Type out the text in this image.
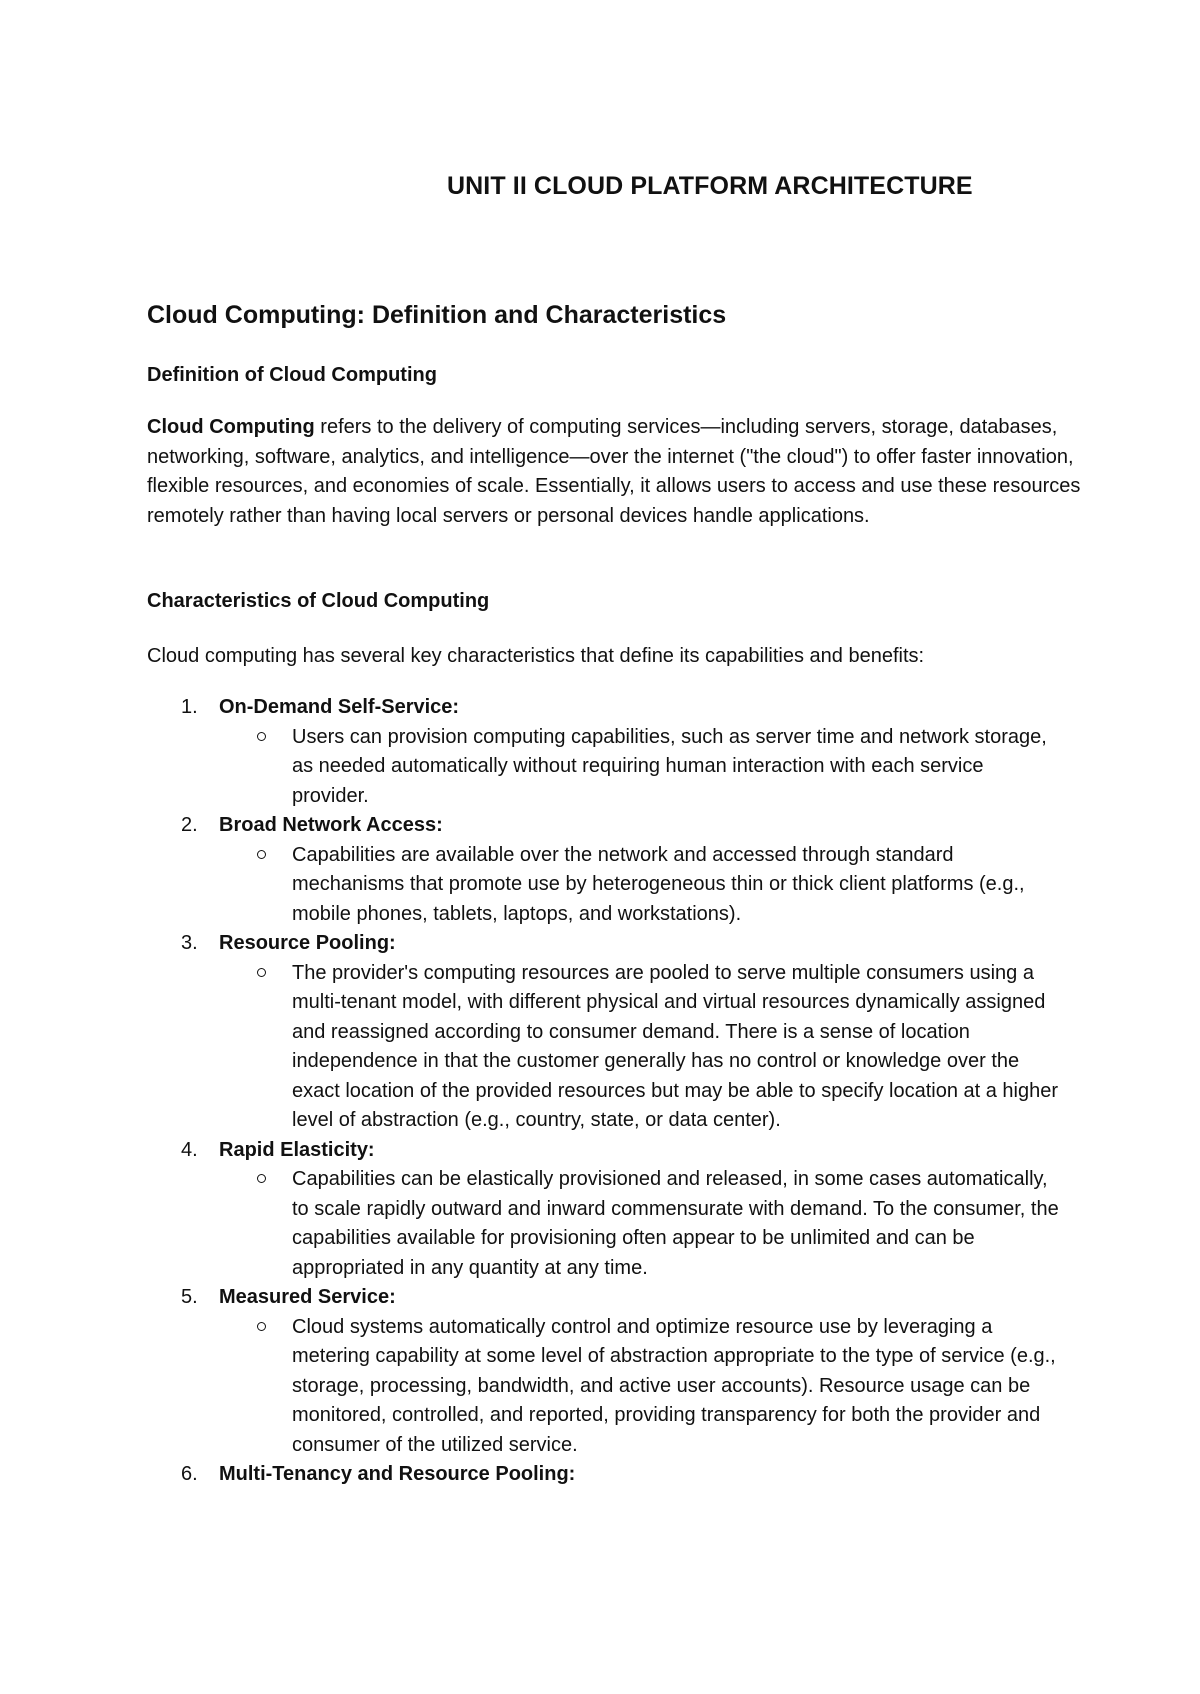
UNIT II CLOUD PLATFORM ARCHITECTURE
Cloud Computing: Definition and Characteristics
Definition of Cloud Computing

Cloud Computing refers to the delivery of computing services—including servers, storage, databases, networking, software, analytics, and intelligence—over the internet ("the cloud") to offer faster innovation, flexible resources, and economies of scale. Essentially, it allows users to access and use these resources remotely rather than having local servers or personal devices handle applications.

Characteristics of Cloud Computing

Cloud computing has several key characteristics that define its capabilities and benefits:

1.	On-Demand Self-Service:
Users can provision computing capabilities, such as server time and network storage, as needed automatically without requiring human interaction with each service provider.
2.	Broad Network Access:
Capabilities are available over the network and accessed through standard mechanisms that promote use by heterogeneous thin or thick client platforms (e.g., mobile phones, tablets, laptops, and workstations).
3.	Resource Pooling:
The provider's computing resources are pooled to serve multiple consumers using a multi-tenant model, with different physical and virtual resources dynamically assigned and reassigned according to consumer demand. There is a sense of location independence in that the customer generally has no control or knowledge over the exact location of the provided resources but may be able to specify location at a higher level of abstraction (e.g., country, state, or data center).
4.	Rapid Elasticity:
Capabilities can be elastically provisioned and released, in some cases automatically, to scale rapidly outward and inward commensurate with demand. To the consumer, the capabilities available for provisioning often appear to be unlimited and can be appropriated in any quantity at any time.
5.	Measured Service:
Cloud systems automatically control and optimize resource use by leveraging a metering capability at some level of abstraction appropriate to the type of service (e.g., storage, processing, bandwidth, and active user accounts). Resource usage can be monitored, controlled, and reported, providing transparency for both the provider and consumer of the utilized service.
6.	Multi-Tenancy and Resource Pooling:
